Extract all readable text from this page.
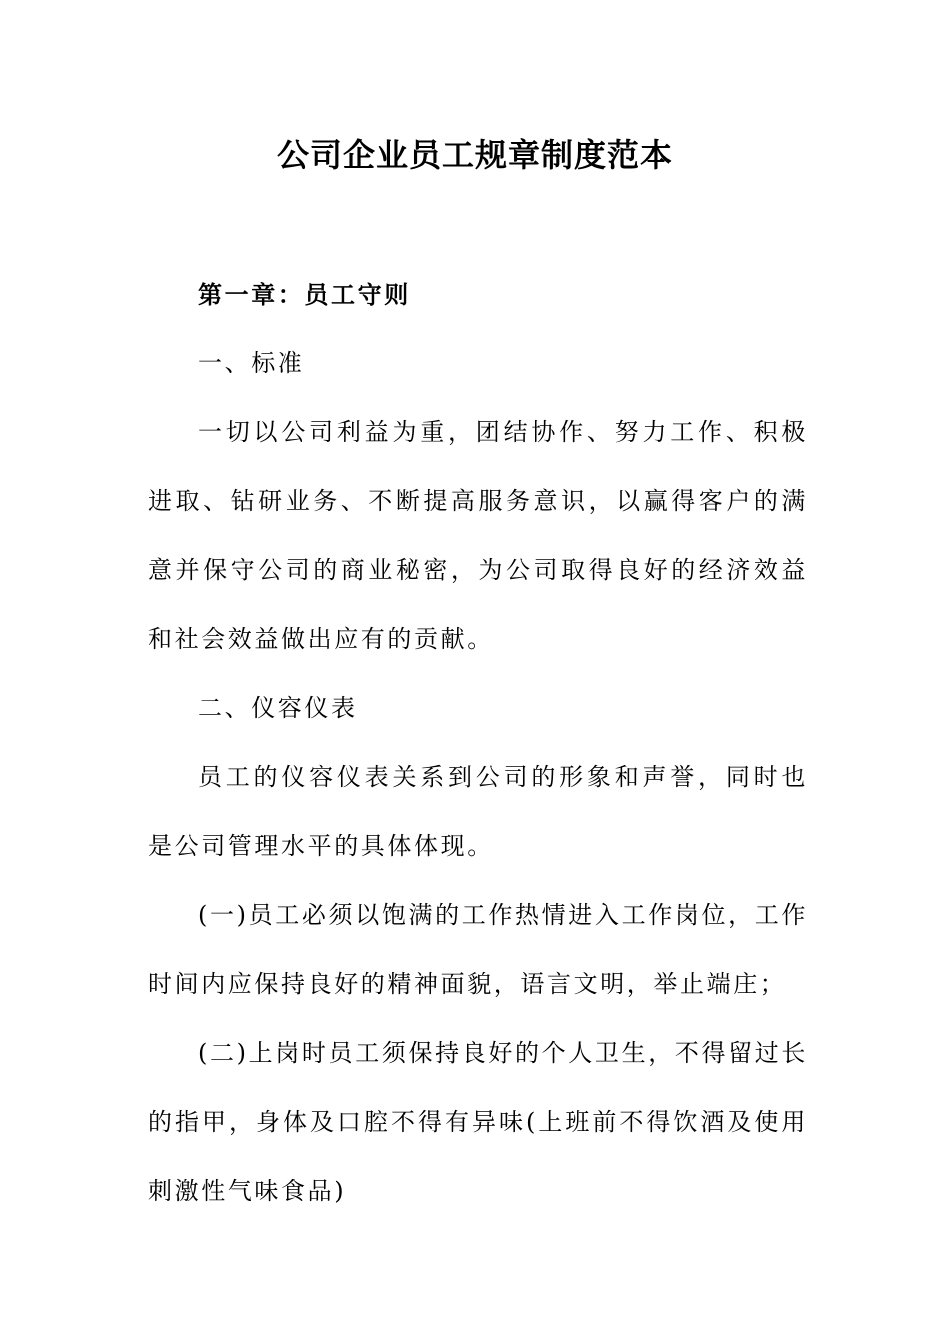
公司企业员工规章制度范本

第一章：员工守则

一、标准

一切以公司利益为重，团结协作、努力工作、积极进取、钻研业务、不断提高服务意识，以赢得客户的满意并保守公司的商业秘密，为公司取得良好的经济效益和社会效益做出应有的贡献。

二、仪容仪表

员工的仪容仪表关系到公司的形象和声誉，同时也是公司管理水平的具体体现。

(一)员工必须以饱满的工作热情进入工作岗位，工作时间内应保持良好的精神面貌，语言文明，举止端庄；

(二)上岗时员工须保持良好的个人卫生，不得留过长的指甲，身体及口腔不得有异味(上班前不得饮酒及使用刺激性气味食品)
